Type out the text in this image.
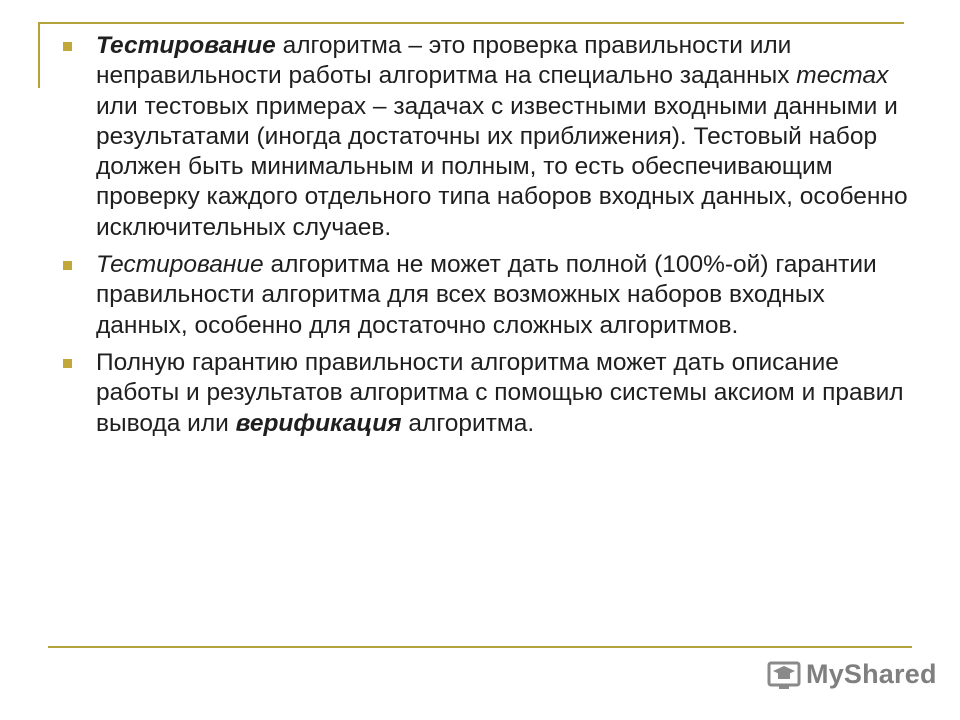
Тестирование алгоритма – это проверка правильности или неправильности работы алгоритма на специально заданных тестах или тестовых примерах – задачах с известными входными данными и результатами (иногда достаточны их приближения). Тестовый набор должен быть минимальным и полным, то есть обеспечивающим проверку каждого отдельного типа наборов входных данных, особенно исключительных случаев.
Тестирование алгоритма не может дать полной (100%-ой) гарантии правильности алгоритма для всех возможных наборов входных данных, особенно для достаточно сложных алгоритмов.
Полную гарантию правильности алгоритма может дать описание работы и результатов алгоритма с помощью системы аксиом и правил вывода или верификация алгоритма.
MyShared
